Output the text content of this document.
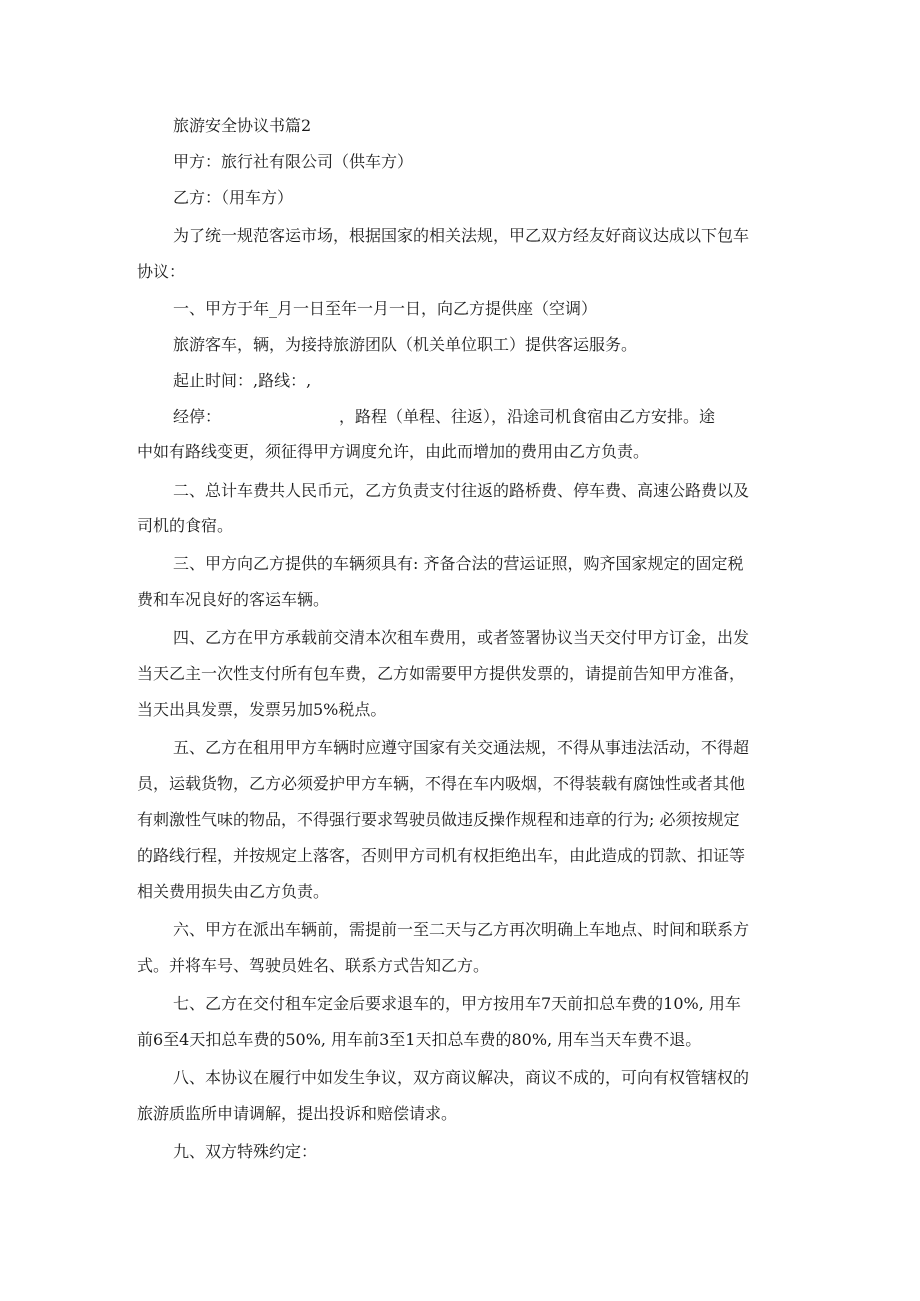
旅游安全协议书篇2
甲方：旅行社有限公司（供车方）
乙方：（用车方）
为了统一规范客运市场，根据国家的相关法规，甲乙双方经友好商议达成以下包车
协议：
一、甲方于年_月一日至年一月一日，向乙方提供座（空调）
旅游客车，辆，为接持旅游团队（机关单位职工）提供客运服务。
起止时间：,路线：,
经停：	，路程（单程、往返），沿途司机食宿由乙方安排。途
中如有路线变更，须征得甲方调度允许，由此而增加的费用由乙方负责。
二、总计车费共人民币元，乙方负责支付往返的路桥费、停车费、高速公路费以及
司机的食宿。
三、甲方向乙方提供的车辆须具有: 齐备合法的营运证照，购齐国家规定的固定税
费和车况良好的客运车辆。
四、乙方在甲方承载前交清本次租车费用，或者签署协议当天交付甲方订金，出发
当天乙主一次性支付所有包车费，乙方如需要甲方提供发票的，请提前告知甲方准备，
当天出具发票，发票另加5%税点。
五、乙方在租用甲方车辆时应遵守国家有关交通法规，不得从事违法活动，不得超
员，运载货物，乙方必须爱护甲方车辆，不得在车内吸烟，不得装载有腐蚀性或者其他
有刺激性气味的物品，不得强行要求驾驶员做违反操作规程和违章的行为; 必须按规定
的路线行程，并按规定上落客，否则甲方司机有权拒绝出车，由此造成的罚款、扣证等
相关费用损失由乙方负责。
六、甲方在派出车辆前，需提前一至二天与乙方再次明确上车地点、时间和联系方
式。并将车号、驾驶员姓名、联系方式告知乙方。
七、乙方在交付租车定金后要求退车的，甲方按用车7天前扣总车费的10%, 用车
前6至4天扣总车费的50%, 用车前3至1天扣总车费的80%, 用车当天车费不退。
八、本协议在履行中如发生争议，双方商议解决，商议不成的，可向有权管辖权的
旅游质监所申请调解，提出投诉和赔偿请求。
九、双方特殊约定：
